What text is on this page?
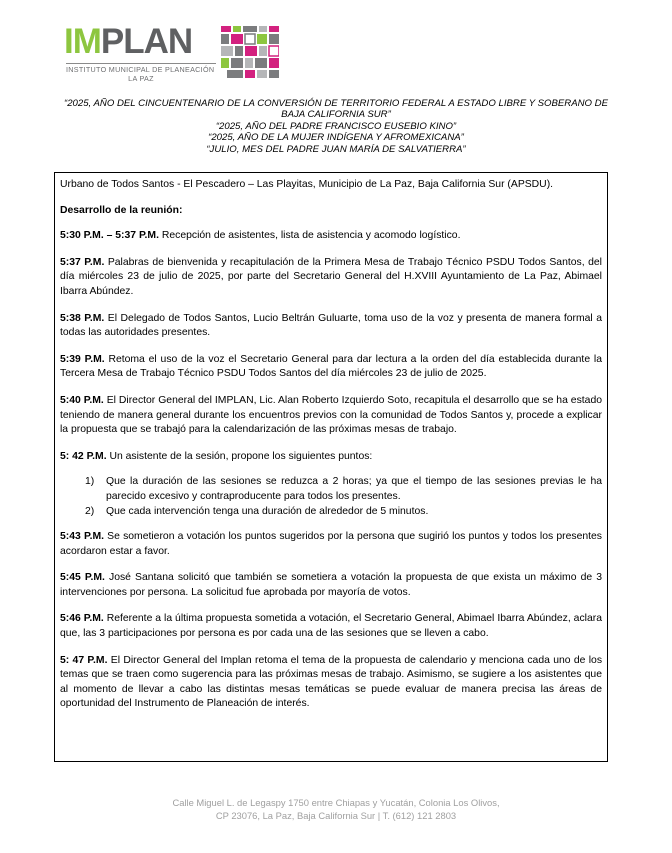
IMPLAN
INSTITUTO MUNICIPAL DE PLANEACIÓN
LA PAZ
“2025, AÑO DEL CINCUENTENARIO DE LA CONVERSIÓN DE TERRITORIO FEDERAL A ESTADO LIBRE Y SOBERANO DE BAJA CALIFORNIA SUR”
“2025, AÑO DEL PADRE FRANCISCO EUSEBIO KINO”
“2025, AÑO DE LA MUJER INDÍGENA Y AFROMEXICANA”
“JULIO, MES DEL PADRE JUAN MARÍA DE SALVATIERRA”

Urbano de Todos Santos - El Pescadero – Las Playitas, Municipio de La Paz, Baja California Sur (APSDU).

Desarrollo de la reunión:

5:30 P.M. – 5:37 P.M. Recepción de asistentes, lista de asistencia y acomodo logístico.

5:37 P.M. Palabras de bienvenida y recapitulación de la Primera Mesa de Trabajo Técnico PSDU Todos Santos, del día miércoles 23 de julio de 2025, por parte del Secretario General del H.XVIII Ayuntamiento de La Paz, Abimael Ibarra Abúndez.

5:38 P.M. El Delegado de Todos Santos, Lucio Beltrán Guluarte, toma uso de la voz y presenta de manera formal a todas las autoridades presentes.

5:39 P.M. Retoma el uso de la voz el Secretario General para dar lectura a la orden del día establecida durante la Tercera Mesa de Trabajo Técnico PSDU Todos Santos del día miércoles 23 de julio de 2025.

5:40 P.M. El Director General del IMPLAN, Lic. Alan Roberto Izquierdo Soto, recapitula el desarrollo que se ha estado teniendo de manera general durante los encuentros previos con la comunidad de Todos Santos y, procede a explicar la propuesta que se trabajó para la calendarización de las próximas mesas de trabajo.

5: 42 P.M. Un asistente de la sesión, propone los siguientes puntos:

1) Que la duración de las sesiones se reduzca a 2 horas; ya que el tiempo de las sesiones previas le ha parecido excesivo y contraproducente para todos los presentes.
2) Que cada intervención tenga una duración de alrededor de 5 minutos.

5:43 P.M. Se sometieron a votación los puntos sugeridos por la persona que sugirió los puntos y todos los presentes acordaron estar a favor.

5:45 P.M. José Santana solicitó que también se sometiera a votación la propuesta de que exista un máximo de 3 intervenciones por persona. La solicitud fue aprobada por mayoría de votos.

5:46 P.M. Referente a la última propuesta sometida a votación, el Secretario General, Abimael Ibarra Abúndez, aclara que, las 3 participaciones por persona es por cada una de las sesiones que se lleven a cabo.

5: 47 P.M. El Director General del Implan retoma el tema de la propuesta de calendario y menciona cada uno de los temas que se traen como sugerencia para las próximas mesas de trabajo. Asimismo, se sugiere a los asistentes que al momento de llevar a cabo las distintas mesas temáticas se puede evaluar de manera precisa las áreas de oportunidad del Instrumento de Planeación de interés.

Calle Miguel L. de Legaspy 1750 entre Chiapas y Yucatán, Colonia Los Olivos,
CP 23076, La Paz, Baja California Sur | T. (612) 121 2803
